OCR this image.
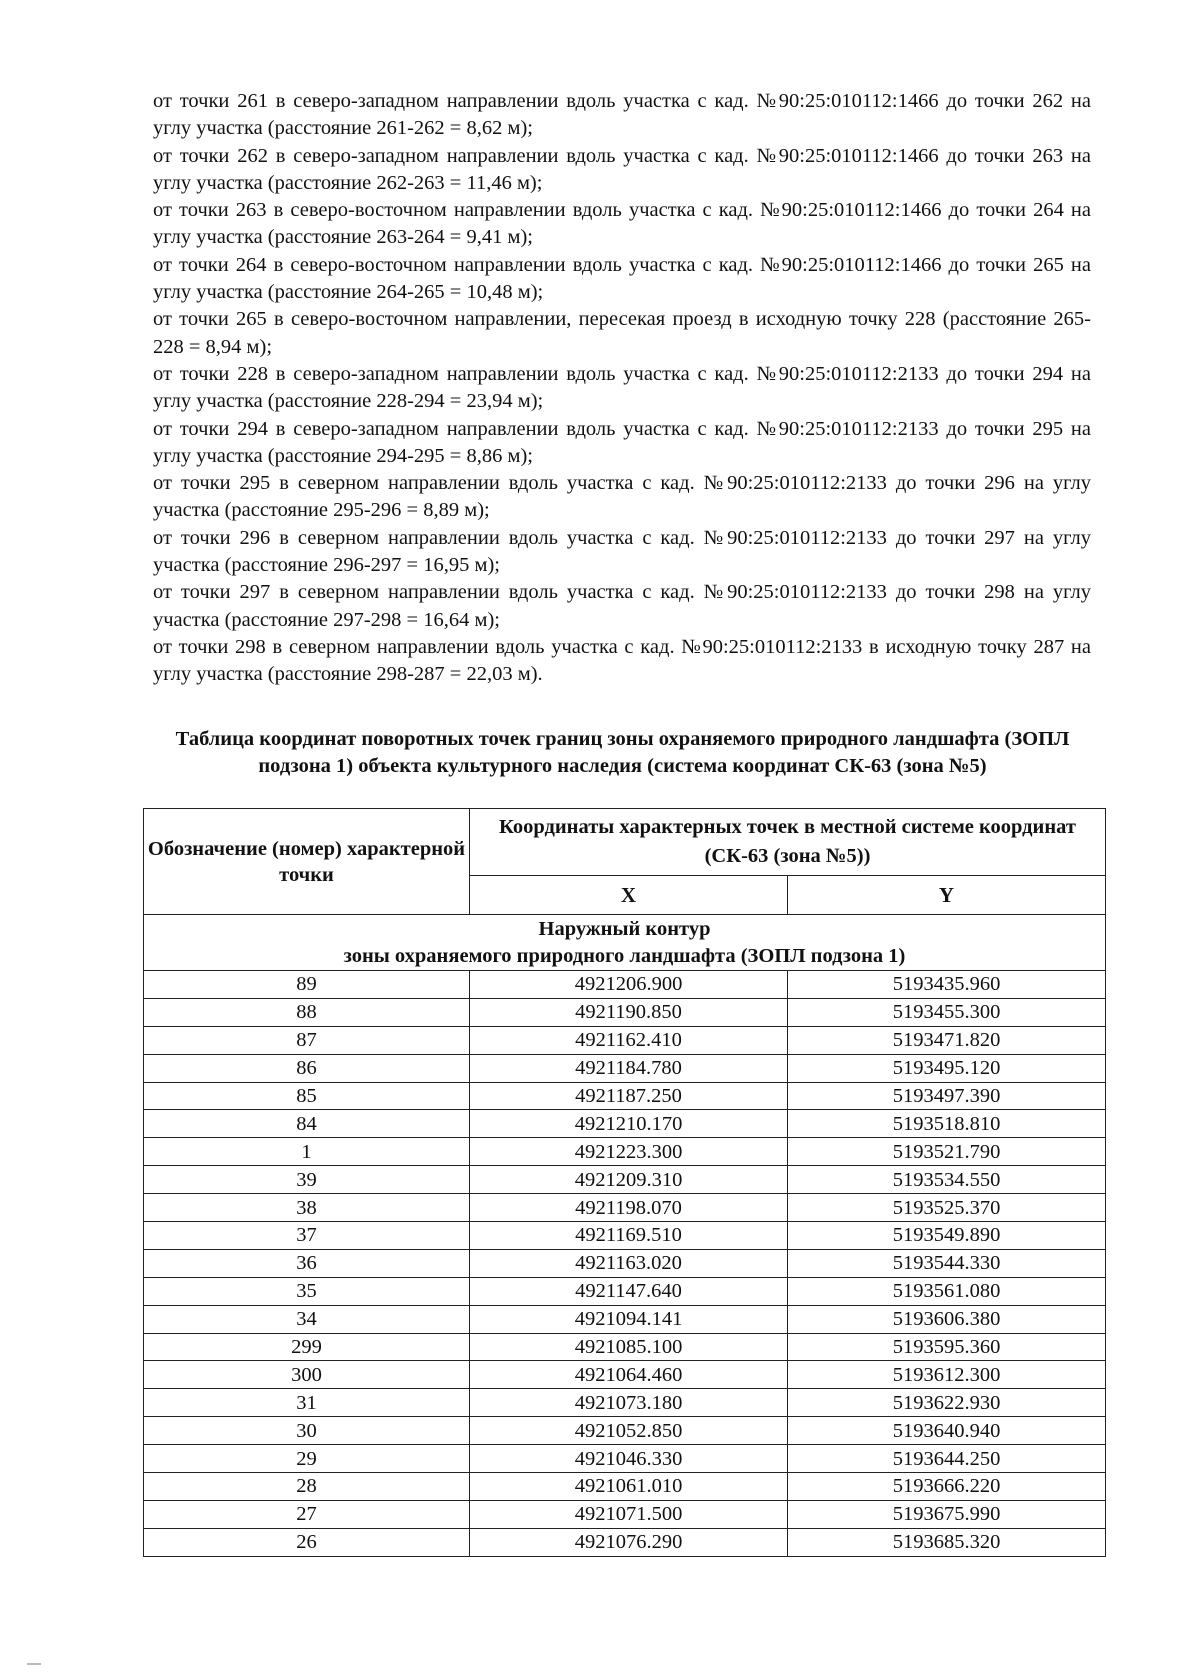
от точки 261 в северо-западном направлении вдоль участка с кад. №90:25:010112:1466 до точки 262 на углу участка (расстояние 261-262 = 8,62 м);

от точки 262 в северо-западном направлении вдоль участка с кад. №90:25:010112:1466 до точки 263 на углу участка (расстояние 262-263 = 11,46 м);

от точки 263 в северо-восточном направлении вдоль участка с кад. №90:25:010112:1466 до точки 264 на углу участка (расстояние 263-264 = 9,41 м);

от точки 264 в северо-восточном направлении вдоль участка с кад. №90:25:010112:1466 до точки 265 на углу участка (расстояние 264-265 = 10,48 м);

от точки 265 в северо-восточном направлении, пересекая проезд в исходную точку 228 (расстояние 265-228 = 8,94 м);

от точки 228 в северо-западном направлении вдоль участка с кад. №90:25:010112:2133 до точки 294 на углу участка (расстояние 228-294 = 23,94 м);

от точки 294 в северо-западном направлении вдоль участка с кад. №90:25:010112:2133 до точки 295 на углу участка (расстояние 294-295 = 8,86 м);

от точки 295 в северном направлении вдоль участка с кад. №90:25:010112:2133 до точки 296 на углу участка (расстояние 295-296 = 8,89 м);

от точки 296 в северном направлении вдоль участка с кад. №90:25:010112:2133 до точки 297 на углу участка (расстояние 296-297 = 16,95 м);

от точки 297 в северном направлении вдоль участка с кад. №90:25:010112:2133 до точки 298 на углу участка (расстояние 297-298 = 16,64 м);

от точки 298 в северном направлении вдоль участка с кад. №90:25:010112:2133 в исходную точку 287 на углу участка (расстояние 298-287 = 22,03 м).

Таблица координат поворотных точек границ зоны охраняемого природного ландшафта (ЗОПЛ подзона 1) объекта культурного наследия (система координат СК-63 (зона №5)
Обозначение (номер) характерной точки	Координаты характерных точек в местной системе координат (СК-63 (зона №5))	
	X	Y

Наружный контур
зоны охраняемого природного ландшафта (ЗОПЛ подзона 1)		

89	4921206.900	5193435.960
88	4921190.850	5193455.300
87	4921162.410	5193471.820
86	4921184.780	5193495.120
85	4921187.250	5193497.390
84	4921210.170	5193518.810
1	4921223.300	5193521.790
39	4921209.310	5193534.550
38	4921198.070	5193525.370
37	4921169.510	5193549.890
36	4921163.020	5193544.330
35	4921147.640	5193561.080
34	4921094.141	5193606.380
299	4921085.100	5193595.360
300	4921064.460	5193612.300
31	4921073.180	5193622.930
30	4921052.850	5193640.940
29	4921046.330	5193644.250
28	4921061.010	5193666.220
27	4921071.500	5193675.990
26	4921076.290	5193685.320
